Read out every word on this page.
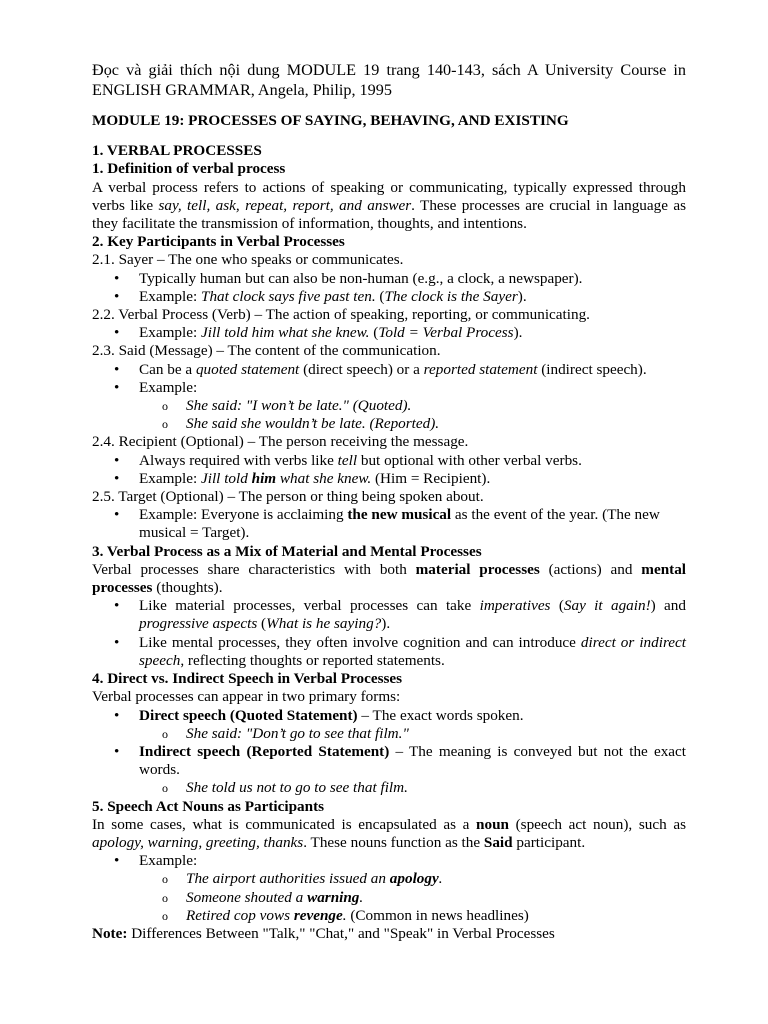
Đọc và giải thích nội dung MODULE 19 trang 140-143, sách A University Course in ENGLISH GRAMMAR, Angela, Philip, 1995

MODULE 19: PROCESSES OF SAYING, BEHAVING, AND EXISTING

1. VERBAL PROCESSES

1. Definition of verbal process

A verbal process refers to actions of speaking or communicating, typically expressed through verbs like say, tell, ask, repeat, report, and answer. These processes are crucial in language as they facilitate the transmission of information, thoughts, and intentions.

2. Key Participants in Verbal Processes

2.1. Sayer – The one who speaks or communicates.

• Typically human but can also be non-human (e.g., a clock, a newspaper).
• Example: That clock says five past ten. (The clock is the Sayer).

2.2. Verbal Process (Verb) – The action of speaking, reporting, or communicating.

• Example: Jill told him what she knew. (Told = Verbal Process).

2.3. Said (Message) – The content of the communication.

• Can be a quoted statement (direct speech) or a reported statement (indirect speech).
• Example:
o She said: "I won’t be late." (Quoted).
o She said she wouldn’t be late. (Reported).

2.4. Recipient (Optional) – The person receiving the message.

• Always required with verbs like tell but optional with other verbal verbs.
• Example: Jill told him what she knew. (Him = Recipient).

2.5. Target (Optional) – The person or thing being spoken about.

• Example: Everyone is acclaiming the new musical as the event of the year. (The new musical = Target).

3. Verbal Process as a Mix of Material and Mental Processes

Verbal processes share characteristics with both material processes (actions) and mental processes (thoughts).

• Like material processes, verbal processes can take imperatives (Say it again!) and progressive aspects (What is he saying?).
• Like mental processes, they often involve cognition and can introduce direct or indirect speech, reflecting thoughts or reported statements.

4. Direct vs. Indirect Speech in Verbal Processes

Verbal processes can appear in two primary forms:

• Direct speech (Quoted Statement) – The exact words spoken.
o She said: "Don’t go to see that film."
• Indirect speech (Reported Statement) – The meaning is conveyed but not the exact words.
o She told us not to go to see that film.

5. Speech Act Nouns as Participants

In some cases, what is communicated is encapsulated as a noun (speech act noun), such as apology, warning, greeting, thanks. These nouns function as the Said participant.

• Example:
o The airport authorities issued an apology.
o Someone shouted a warning.
o Retired cop vows revenge. (Common in news headlines)

Note: Differences Between "Talk," "Chat," and "Speak" in Verbal Processes
